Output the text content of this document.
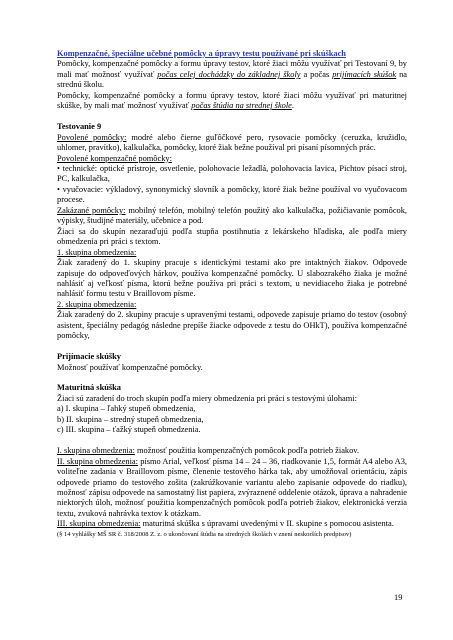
Kompenzačné, špeciálne učebné pomôcky a úpravy testu používané pri skúškach

Pomôcky, kompenzačné pomôcky a formu úpravy testov, ktoré žiaci môžu využívať pri Testovaní 9, by mali mať možnosť využívať počas celej dochádzky do základnej školy a počas prijímacích skúšok na strednú školu.

Pomôcky, kompenzačné pomôcky a formu úpravy testov, ktoré žiaci môžu využívať pri maturitnej skúške, by mali mať možnosť využívať počas štúdia na strednej škole.

Testovanie 9

Povolené pomôcky: modré alebo čierne guľôčkové pero, rysovacie pomôcky (ceruzka, kružidlo, uhlomer, pravítko), kalkulačka, pomôcky, ktoré žiak bežne používal pri písaní písomných prác.

Povolené kompenzačné pomôcky:

• technické: optické prístroje, osvetlenie, polohovacie ležadlá, polohovacia lavica, Pichtov písací stroj, PC, kalkulačka,

• vyučovacie: výkladový, synonymický slovník a pomôcky, ktoré žiak bežne používal vo vyučovacom procese.

Zakázané pomôcky: mobilný telefón, mobilný telefón použitý ako kalkulačka, požičiavanie pomôcok, výpisky, študijné materiály, učebnice a pod.

Žiaci sa do skupín nezaraďujú podľa stupňa postihnutia z lekárskeho hľadiska, ale podľa miery obmedzenia pri práci s textom.

1. skupina obmedzenia:

Žiak zaradený do 1. skupiny pracuje s identickými testami ako pre intaktných žiakov. Odpovede zapisuje do odpoveďových hárkov, používa kompenzačné pomôcky. U slabozrakého žiaka je možné nahlásiť aj veľkosť písma, ktorú bežne používa pri práci s textom, u nevidiaceho žiaka je potrebné nahlásiť formu testu v Braillovom písme.

2. skupina obmedzenia:

Žiak zaradený do 2. skupiny pracuje s upravenými testami, odpovede zapisuje priamo do testov (osobný asistent, špeciálny pedagóg následne prepíše žiacke odpovede z testu do OHkT), používa kompenzačné pomôcky,

Prijímacie skúšky

Možnosť používať kompenzačné pomôcky.

Maturitná skúška

Žiaci sú zaradení do troch skupín podľa miery obmedzenia pri práci s testovými úlohami:

a) I. skupina – ľahký stupeň obmedzenia,

b) II. skupina – stredný stupeň obmedzenia,

c) III. skupina – ťažký stupeň obmedzenia.

I. skupina obmedzenia: možnosť použitia kompenzačných pomôcok podľa potrieb žiakov.

II. skupina obmedzenia: písmo Arial, veľkosť písma 14 – 24 – 36, riadkovanie 1,5, formát A4 alebo A3, voliteľne zadania v Braillovom písme, členenie testového hárka tak, aby umožňoval orientáciu, zápis odpovede priamo do testového zošita (zakrúžkovanie variantu alebo zapisanie odpovede do riadku), možnosť zápisu odpovede na samostatný list papiera, zvýraznené oddelenie otázok, úprava a nahradenie niektorých úloh, možnosť použitia kompenzačných pomôcok podľa potrieb žiakov, elektronická verzia textu, zvuková nahrávka textov k otázkam.

III. skupina obmedzenia: maturitná skúška s úpravami uvedenými v II. skupine s pomocou asistenta.

(§ 14 vyhlášky MŠ SR č. 318/2008 Z. z. o ukončovaní štúdia na stredných školách v znení neskorších predpisov)

19
